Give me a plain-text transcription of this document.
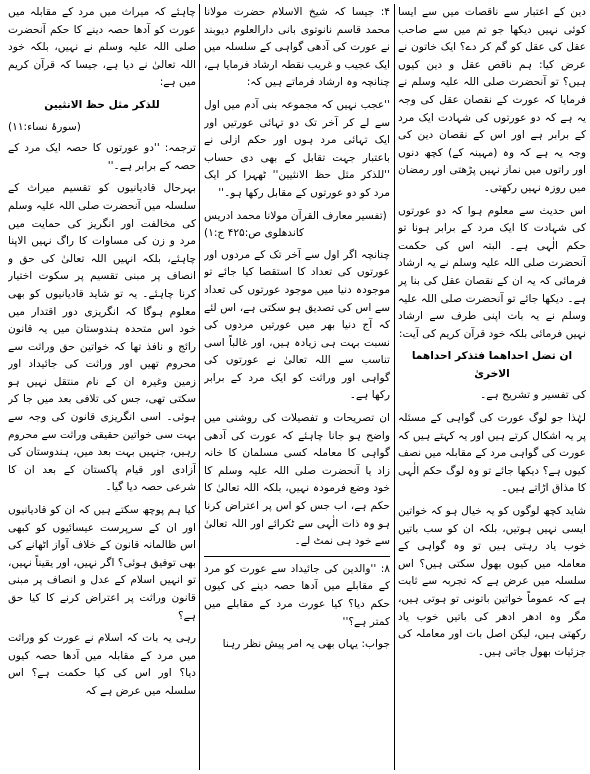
دین کے اعتبار سے ناقصات میں سے ایسا کوئی نہیں دیکھا جو تم میں سے صاحب عقل کی عقل کو گم کر دے؟ ایک خاتون نے عرض کیا: ہم ناقص عقل و دین کیوں ہیں؟ تو آنحضرت صلی اللہ علیہ وسلم نے فرمایا کہ عورت کے نقصان عقل کی وجہ یہ ہے کہ دو عورتوں کی شہادت ایک مرد کے برابر ہے اور اس کے نقصان دین کی وجہ یہ ہے کہ وہ (مہینہ کے) کچھ دنوں اور راتوں میں نماز نہیں پڑھتی اور رمضان میں روزہ نہیں رکھتی۔

اس حدیث سے معلوم ہوا کہ دو عورتوں کی شہادت کا ایک مرد کے برابر ہونا تو حکم الٰہی ہے۔ البتہ اس کی حکمت آنحضرت صلی اللہ علیہ وسلم نے یہ ارشاد فرمائی کہ یہ ان کے نقصان عقل کی بنا پر ہے۔ دیکھا جائے تو آنحضرت صلی اللہ علیہ وسلم نے یہ بات اپنی طرف سے ارشاد نہیں فرمائی بلکہ خود قرآن کریم کی آیت:

ان تضل احداھما فتذکر احداھما الاخریٰ

کی تفسیر و تشریح ہے۔

لہٰذا جو لوگ عورت کی گواہی کے مسئلہ پر یہ اشکال کرتے ہیں اور یہ کہتے ہیں کہ عورت کی گواہی مرد کے مقابلہ میں نصف کیوں ہے؟ دیکھا جائے تو وہ لوگ حکم الٰہی کا مذاق اڑاتے ہیں۔

شاید کچھ لوگوں کو یہ خیال ہو کہ خواتین ایسی نہیں ہوتیں، بلکہ ان کو سب باتیں خوب یاد رہتی ہیں تو وہ گواہی کے معاملہ میں کیوں بھول سکتی ہیں؟ اس سلسلہ میں عرض ہے کہ تجربہ سے ثابت ہے کہ عموماً خواتین باتونی تو ہوتی ہیں، مگر وہ ادھر ادھر کی باتیں خوب یاد رکھتی ہیں، لیکن اصل بات اور معاملہ کی جزئیات بھول جاتی ہیں۔

۴: جیسا کہ شیخ الاسلام حضرت مولانا محمد قاسم نانوتوی بانی دارالعلوم دیوبند نے عورت کی آدھی گواہی کے سلسلہ میں ایک عجیب و غریب نقطہ ارشاد فرمایا ہے، چنانچہ وہ ارشاد فرماتے ہیں کہ:

''عجب نہیں کہ مجموعہ بنی آدم میں اول سے لے کر آخر تک دو تہائی عورتیں اور ایک تہائی مرد ہوں اور حکم ازلی نے باعتبار جہت تقابل کے بھی دی حساب ''للذکر مثل حظ الانثیین'' ٹھہرا کر ایک مرد کو دو عورتوں کے مقابل رکھا ہو۔''

(تفسیر معارف القرآن مولانا محمد ادریس کاندھلوی ص:۴۲۵ ج:۱)

چنانچہ اگر اول سے آخر تک کے مردوں اور عورتوں کی تعداد کا استقصا کیا جائے تو موجودہ دنیا میں موجود عورتوں کی تعداد سے اس کی تصدیق ہو سکتی ہے، اس لئے کہ آج دنیا بھر میں عورتیں مردوں کی نسبت بہت ہی زیادہ ہیں، اور غالباً اسی تناسب سے اللہ تعالیٰ نے عورتوں کی گواہی اور وراثت کو ایک مرد کے برابر رکھا ہے۔

ان تصریحات و تفصیلات کی روشنی میں واضح ہو جانا چاہئے کہ عورت کی آدھی گواہی کا معاملہ کسی مسلمان کا خانہ زاد یا آنحضرت صلی اللہ علیہ وسلم کا خود وضع فرمودہ نہیں، بلکہ اللہ تعالیٰ کا حکم ہے، اب جس کو اس پر اعتراض کرنا ہو وہ ذات الٰہی سے ٹکرائے اور اللہ تعالیٰ سے خود ہی نمٹ لے۔

۸: ''والدین کی جائیداد سے عورت کو مرد کے مقابلے میں آدھا حصہ دینے کی کیوں حکم دیا؟ کیا عورت مرد کے مقابلے میں کمتر ہے؟''

جواب: یہاں بھی یہ امر پیش نظر رہنا

چاہئے کہ میراث میں مرد کے مقابلہ میں عورت کو آدھا حصہ دینے کا حکم آنحضرت صلی اللہ علیہ وسلم نے نہیں، بلکہ خود اللہ تعالیٰ نے دیا ہے، جیسا کہ قرآن کریم میں ہے:

للذکر مثل حظ الانثیین

(سورۂ نساء:۱۱)

ترجمہ: ''دو عورتوں کا حصہ ایک مرد کے حصہ کے برابر ہے۔''

بہرحال قادیانیوں کو تقسیم میراث کے سلسلہ میں آنحضرت صلی اللہ علیہ وسلم کی مخالفت اور انگریز کی حمایت میں مرد و زن کی مساوات کا راگ نہیں الاپنا چاہئے، بلکہ انہیں اللہ تعالیٰ کی حق و انصاف پر مبنی تقسیم پر سکوت اختیار کرنا چاہئے۔ یہ تو شاید قادیانیوں کو بھی معلوم ہوگا کہ انگریزی دور اقتدار میں خود اس متحدہ ہندوستان میں یہ قانون رائج و نافذ تھا کہ خواتین حق وراثت سے محروم تھیں اور وراثت کی جائیداد اور زمین وغیرہ ان کے نام منتقل نہیں ہو سکتی تھی، جس کی تلافی بعد میں جا کر ہوئی۔ اسی انگریزی قانون کی وجہ سے بہت سی خواتین حقیقی وراثت سے محروم رہیں، جنہیں بہت بعد میں، ہندوستان کی آزادی اور قیام پاکستان کے بعد ان کا شرعی حصہ دیا گیا۔

کیا ہم پوچھ سکتے ہیں کہ ان کو قادیانیوں اور ان کے سرپرست عیسائیوں کو کبھی اس ظالمانہ قانون کے خلاف آواز اٹھانے کی بھی توفیق ہوئی؟ اگر نہیں، اور یقیناً نہیں، تو انہیں اسلام کے عدل و انصاف پر مبنی قانون وراثت پر اعتراض کرنے کا کیا حق ہے؟

رہی یہ بات کہ اسلام نے عورت کو وراثت میں مرد کے مقابلہ میں آدھا حصہ کیوں دیا؟ اور اس کی کیا حکمت ہے؟ اس سلسلہ میں عرض ہے کہ
